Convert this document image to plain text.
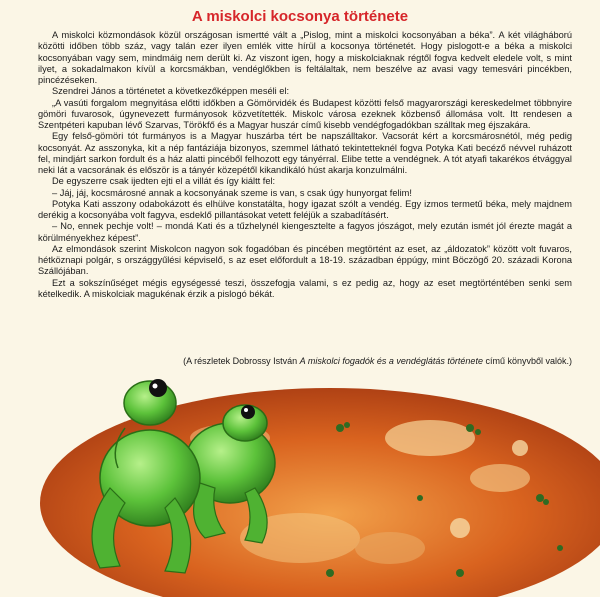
A miskolci kocsonya története

A miskolci közmondások közül országosan ismertté vált a „Pislog, mint a miskolci kocsonyában a béka”. A két világháború közötti időben több száz, vagy talán ezer ilyen emlék vitte hírül a kocsonya történetét. Hogy pislogott-e a béka a miskolci kocsonyában vagy sem, mindmáig nem derült ki. Az viszont igen, hogy a miskolciaknak régtől fogva kedvelt eledele volt, s mint ilyet, a sokadalmakon kívül a korcsmákban, vendéglőkben is feltálaltak, nem beszélve az avasi vagy temesvári pincékben, pincézéseken.

Szendrei János a történetet a következőképpen meséli el:

„A vasúti forgalom megnyitása előtti időkben a Gömörvidék és Budapest közötti felső magyarországi kereskedelmet többnyire gömöri fuvarosok, úgynevezett furmányosok közvetítették. Miskolc városa ezeknek közbenső állomása volt. Itt rendesen a Szentpéteri kapuban lévő Szarvas, Törökfő és a Magyar huszár című kisebb vendégfogadókban szálltak meg éjszakára.

Egy felső-gömöri tót furmányos is a Magyar huszárba tért be napszálltakor. Vacsorát kért a korcsmárosnétól, még pedig kocsonyát. Az asszonyka, kit a nép fantáziája bizonyos, szemmel látható tekintetteknél fogva Potyka Kati becéző névvel ruházott fel, mindjárt sarkon fordult és a ház alatti pincéből felhozott egy tányérral. Elibe tette a vendégnek. A tót atyafi takarékos étvággyal neki lát a vacsorának és először is a tányér közepétől kikandikáló húst akarja konzulmálni.

De egyszerre csak ijedten ejti el a villát és így kiáltt fel:

– Jáj, jáj, kocsmárosné annak a kocsonyának szeme is van, s csak úgy hunyorgat felim!

Potyka Kati asszony odabokázott és elhülve konstatálta, hogy igazat szólt a vendég. Egy izmos termetű béka, mely majdnem derékig a kocsonyába volt fagyva, esdeklő pillantásokat vetett feléjük a szabadításért.

– No, ennek pechje volt! – mondá Kati és a tűzhelynél kiengesztelte a fagyos jószágot, mely ezután ismét jól érezte magát a körülményekhez képest”.

Az elmondások szerint Miskolcon nagyon sok fogadóban és pincében megtörtént az eset, az „áldozatok” között volt fuvaros, hétköznapi polgár, s országgyűlési képviselő, s az eset előfordult a 18-19. században éppúgy, mint Böczögő 20. századi Korona Szállójában.

Ezt a sokszínűséget mégis egységessé teszi, összefogja valami, s ez pedig az, hogy az eset megtörténtében senki sem kételkedik. A miskolciak magukénak érzik a pislogó békát.

(A részletek Dobrossy István A miskolci fogadók és a vendéglátás története című könyvből valók.)
